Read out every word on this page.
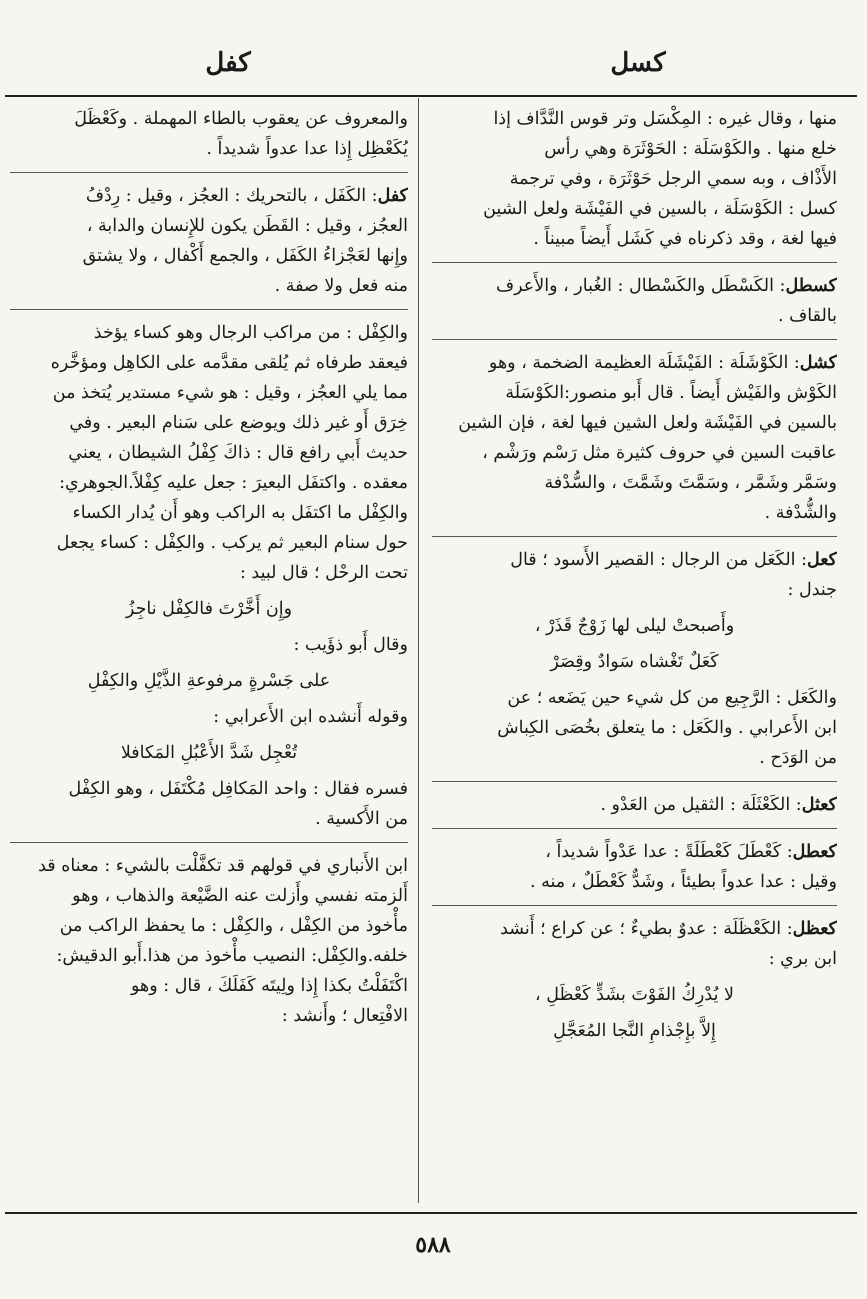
كسل
كفل
منها ، وقال غيره : المِكْسَل وتر قوس النَّدَّاف إذا
خلع منها . والكَوْسَلَة : الحَوْثَرَة وهي رأس
الأَذْاف ، وبه سمي الرجل حَوْثَرَة ، وفي ترجمة
كسل : الكَوْسَلَة ، بالسين في الفَيْشَة ولعل الشين
فيها لغة ، وقد ذكرناه في كَشَل أَيضاً مبيناً .
كسطل: الكَسْطَل والكَسْطال : الغُبار ، والأَعرف
بالقاف .
كشل: الكَوْشَلَة : الفَيْشَلَة العظيمة الضخمة ، وهو
الكَوْش والفَيْش أَيضاً . قال أَبو منصور:الكَوْسَلَة
بالسين في الفَيْشَة ولعل الشين فيها لغة ، فإن الشين
عاقبت السين في حروف كثيرة مثل رَسْم ورَشْم ،
وسَمَّر وشَمَّر ، وسَمَّتَ وشَمَّتَ ، والسُّدْفة
والشُّدْفة .
كعل: الكَعَل من الرجال : القصير الأَسود ؛ قال
جندل :
وأَصبحتْ ليلى لها زَوْجٌ قَذَرْ ،
كَعَلٌ تَغْشاه سَوادٌ وقِصَرْ
والكَعَل : الرَّجِيع من كل شيء حين يَضَعه ؛ عن
ابن الأَعرابي . والكَعَل : ما يتعلق بخُصَى الكِباش
من الوَدَح .
كعثل: الكَعْثَلَة : الثقيل من العَدْو .
كعطل: كَعْطَلَ كَعْطَلَةً : عدا عَدْواً شديداً ،
وقيل : عدا عدواً بطيئاً ، وشَدٌّ كَعْطَلٌ ، منه .
كعظل: الكَعْظَلَة : عدوٌ بطيءٌ ؛ عن كراع ؛ أَنشد
ابن بري :
لا يُدْرِكُ الفَوْتَ بشَدٍّ كَعْظَلِ ،
إِلاَّ بإِجْذامِ النَّجا المُعَجَّلِ
والمعروف عن يعقوب بالطاء المهملة . وكَعْظَلَ
يُكَعْظِل إِذا عدا عدواً شديداً .
كفل: الكَفَل ، بالتحريك : العجُز ، وقيل : رِدْفُ
العجُز ، وقيل : القَطَن يكون للإِنسان والدابة ،
وإِنها لعَجْزاءُ الكَفَل ، والجمع أَكْفال ، ولا يشتق
منه فعل ولا صفة .
والكِفْل : من مراكب الرجال وهو كساء يؤخذ
فيعقد طرفاه ثم يُلقى مقدَّمه على الكاهِل ومؤخَّره
مما يلي العجُز ، وقيل : هو شيء مستدير يُتخذ من
خِرَق أَو غير ذلك ويوضع على سَنام البعير . وفي
حديث أَبي رافع قال : ذاكَ كِفْلُ الشيطان ، يعني
معقده . واكتفَل البعيرَ : جعل عليه كِفْلاً.الجوهري:
والكِفْل ما اكتفَل به الراكب وهو أَن يُدار الكساء
حول سنام البعير ثم يركب . والكِفْل : كساء يجعل
تحت الرحْل ؛ قال لبيد :
وإِن أَخَّرْتَ فالكِفْل ناجِزُ
وقال أَبو ذؤَيب :
على جَسْرةٍ مرفوعةِ الذَّيْلِ والكِفْلِ
وقوله أَنشده ابن الأَعرابي :
تُعْجِل شَدَّ الأَعْبُلِ المَكافلا
فسره فقال : واحد المَكافِل مُكْتَفَل ، وهو الكِفْل
من الأَكسية .
ابن الأَنباري في قولهم قد تكفَّلْت بالشيء : معناه قد
أَلزمته نفسي وأَزلت عنه الضَّيْعة والذهاب ، وهو
مأْخوذ من الكِفْل ، والكِفْل : ما يحفظ الراكب من
خلفه.والكِفْل: النصيب مأْخوذ من هذا.أَبو الدقيش:
اكْتَفَلْتُ بكذا إِذا ولِيتَه كَفَلَكَ ، قال : وهو
الافْتِعال ؛ وأَنشد :
٥٨٨
